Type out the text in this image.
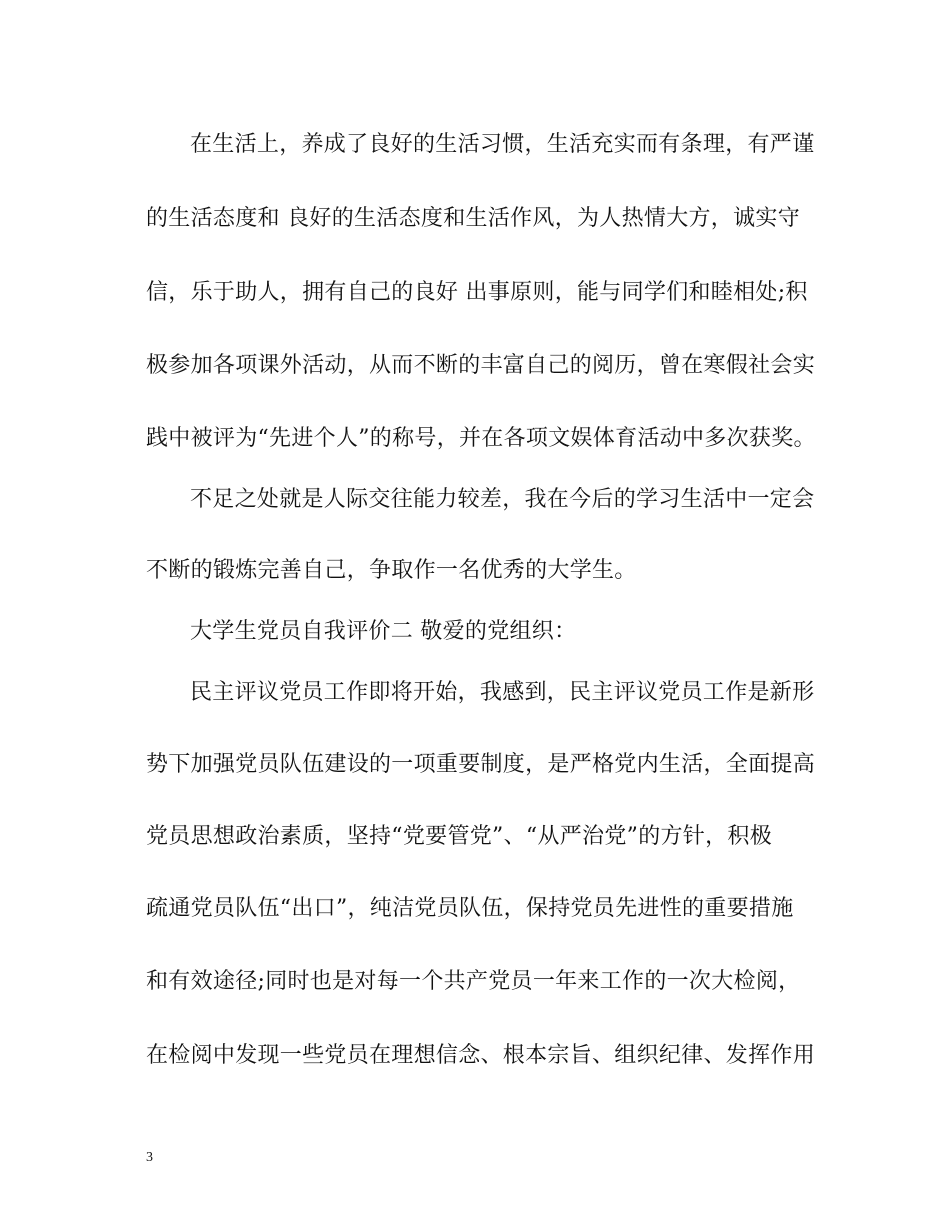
在生活上，养成了良好的生活习惯，生活充实而有条理，有严谨
的生活态度和 良好的生活态度和生活作风，为人热情大方，诚实守
信，乐于助人，拥有自己的良好 出事原则，能与同学们和睦相处;积
极参加各项课外活动，从而不断的丰富自己的阅历，曾在寒假社会实
践中被评为“先进个人”的称号，并在各项文娱体育活动中多次获奖。
不足之处就是人际交往能力较差，我在今后的学习生活中一定会
不断的锻炼完善自己，争取作一名优秀的大学生。
大学生党员自我评价二 敬爱的党组织：
民主评议党员工作即将开始，我感到，民主评议党员工作是新形
势下加强党员队伍建设的一项重要制度，是严格党内生活，全面提高
党员思想政治素质，坚持“党要管党”、“从严治党”的方针，积极
疏通党员队伍“出口”，纯洁党员队伍，保持党员先进性的重要措施
和有效途径;同时也是对每一个共产党员一年来工作的一次大检阅，
在检阅中发现一些党员在理想信念、根本宗旨、组织纪律、发挥作用
3
